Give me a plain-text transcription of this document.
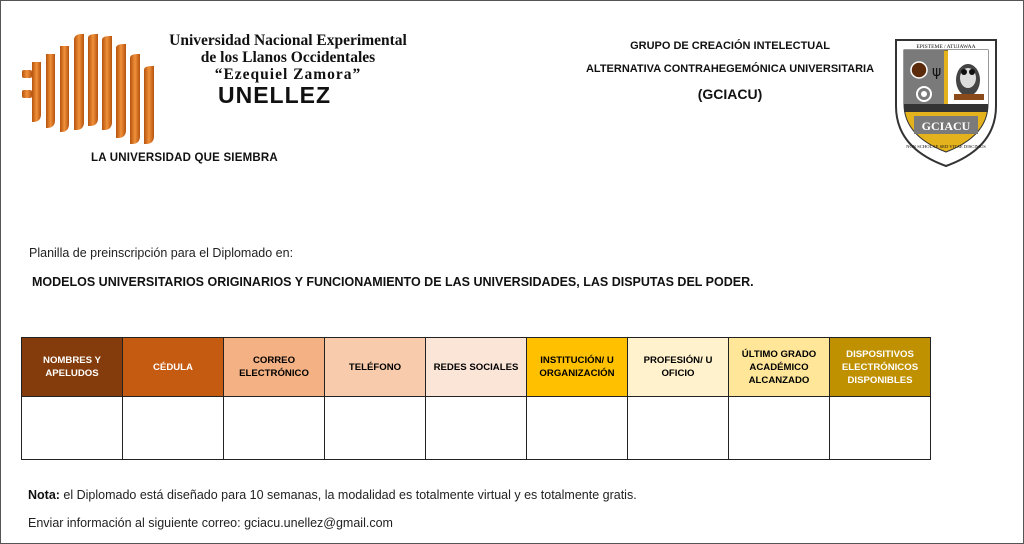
Universidad Nacional Experimental
de los Llanos Occidentales
“Ezequiel Zamora”
UNELLEZ
LA UNIVERSIDAD QUE SIEMBRA
GRUPO DE CREACIÓN INTELECTUAL
ALTERNATIVA CONTRAHEGEMÓNICA UNIVERSITARIA
(GCIACU)
ψ
GCIACU
EPISTEME / ATUJAWAA
NON SCHOLAE SED VITAE DISCIMUS
Planilla de preinscripción para el Diplomado en:
MODELOS UNIVERSITARIOS ORIGINARIOS Y FUNCIONAMIENTO DE LAS UNIVERSIDADES, LAS DISPUTAS DEL PODER.
NOMBRES Y APELUDOS	CÉDULA	CORREO ELECTRÓNICO	TELÉFONO	REDES SOCIALES	INSTITUCIÓN/ U ORGANIZACIÓN	PROFESIÓN/ U OFICIO	ÚLTIMO GRADO ACADÉMICO ALCANZADO	DISPOSITIVOS ELECTRÓNICOS DISPONIBLES

Nota: el Diplomado está diseñado para 10 semanas, la modalidad es totalmente virtual y es totalmente gratis.
Enviar información al siguiente correo: gciacu.unellez@gmail.com
